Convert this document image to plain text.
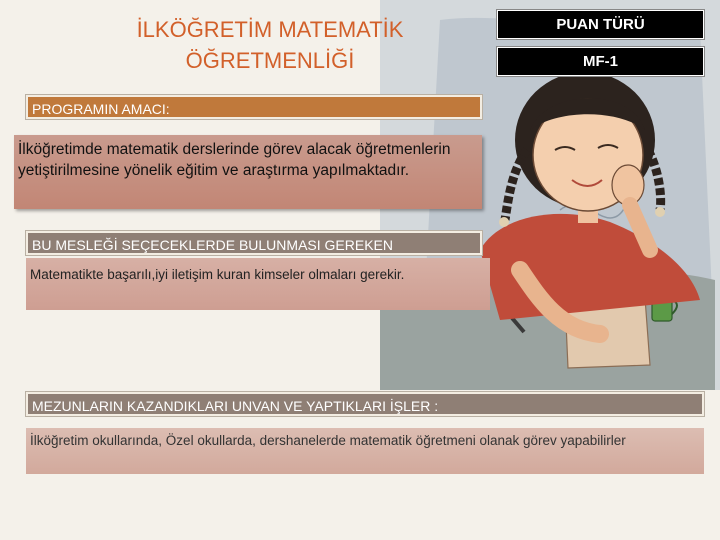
İLKÖĞRETİM MATEMATİK
ÖĞRETMENLİĞİ
PUAN TÜRÜ
MF-1
PROGRAMIN AMACI:
İlköğretimde matematik derslerinde görev alacak öğretmenlerin yetiştirilmesine yönelik eğitim ve araştırma yapılmaktadır.
BU MESLEĞİ SEÇECEKLERDE BULUNMASI GEREKEN
Matematikte başarılı,iyi iletişim kuran kimseler olmaları gerekir.
MEZUNLARIN KAZANDIKLARI UNVAN VE YAPTIKLARI İŞLER :
İlköğretim okullarında, Özel okullarda, dershanelerde matematik öğretmeni olanak görev yapabilirler
